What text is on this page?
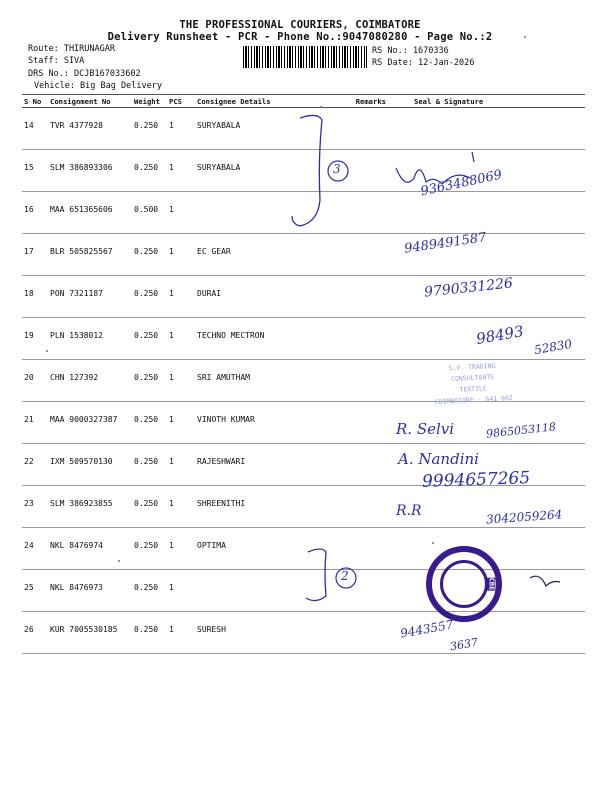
THE PROFESSIONAL COURIERS, COIMBATORE
Delivery Runsheet - PCR - Phone No.:9047080280 - Page No.:2
Route: THIRUNAGAR
Staff: SIVA
DRS No.: DCJB167033602
Vehicle: Big Bag Delivery
RS No.: 1670336
RS Date: 12-Jan-2026
S No	Consignment No	Weight	PCS	Consignee Details	Remarks	Seal & Signature
14	TVR 4377928	0.250	1	SURYABALA		
15	SLM 386893306	0.250	1	SURYABALA		
16	MAA 651365606	0.500	1			
17	BLR 505825567	0.250	1	EC GEAR		
18	PON 7321187	0.250	1	DURAI		
19	PLN 1538012	0.250	1	TECHNO MECTRON		
20	CHN 127392	0.250	1	SRI AMUTHAM		
21	MAA 9000327387	0.250	1	VINOTH KUMAR		
22	IXM 509570130	0.250	1	RAJESHWARI		
23	SLM 386923855	0.250	1	SHREENITHI		
24	NKL 8476974	0.250	1	OPTIMA		
25	NKL 8476973	0.250	1			
26	KUR 7005530185	0.250	1	SURESH		
3
2
9363488069
9489491587
9790331226
98493 52830
R. Selvi	9865053118
A. Nandini
9994657265
R.R	3042059264
9443557
3637
S.V. TRADING
CONSULTANTS
TEXTILE
COIMBATORE - 641 002
CBE
